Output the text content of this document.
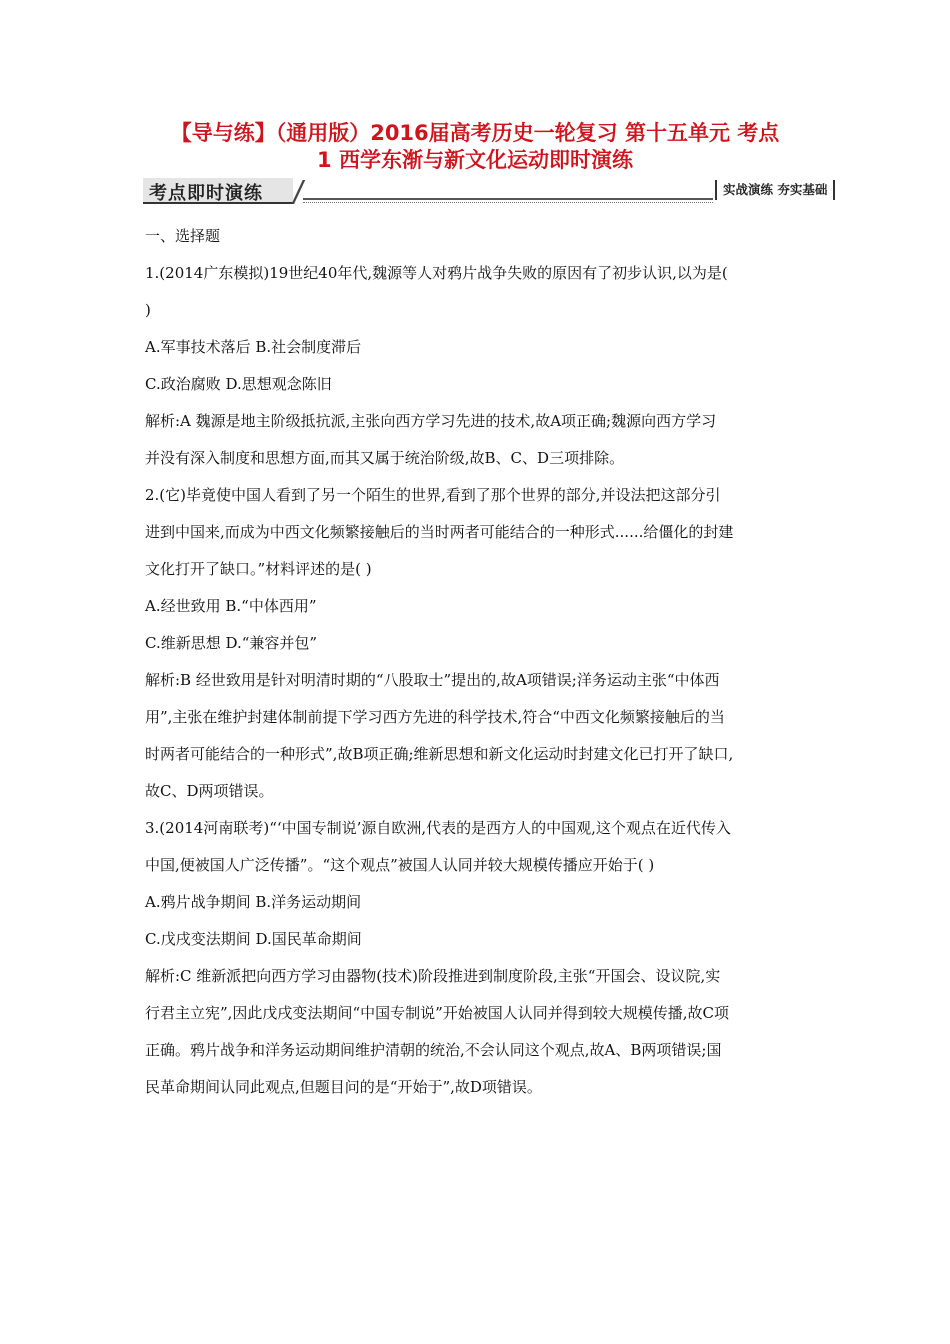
【导与练】（通用版）2016届高考历史一轮复习 第十五单元 考点
1 西学东渐与新文化运动即时演练
考点即时演练	实战演练 夯实基础
一、选择题
1.(2014广东模拟)19世纪40年代,魏源等人对鸦片战争失败的原因有了初步认识,以为是(
)
A.军事技术落后 B.社会制度滞后
C.政治腐败 D.思想观念陈旧
解析:A 魏源是地主阶级抵抗派,主张向西方学习先进的技术,故A项正确;魏源向西方学习
并没有深入制度和思想方面,而其又属于统治阶级,故B、C、D三项排除。
2.(它)毕竟使中国人看到了另一个陌生的世界,看到了那个世界的部分,并设法把这部分引
进到中国来,而成为中西文化频繁接触后的当时两者可能结合的一种形式......给僵化的封建
文化打开了缺口。”材料评述的是( )
A.经世致用 B.“中体西用”
C.维新思想 D.“兼容并包”
解析:B 经世致用是针对明清时期的“八股取士”提出的,故A项错误;洋务运动主张“中体西
用”,主张在维护封建体制前提下学习西方先进的科学技术,符合“中西文化频繁接触后的当
时两者可能结合的一种形式”,故B项正确;维新思想和新文化运动时封建文化已打开了缺口,
故C、D两项错误。
3.(2014河南联考)“‘中国专制说’源自欧洲,代表的是西方人的中国观,这个观点在近代传入
中国,便被国人广泛传播”。“这个观点”被国人认同并较大规模传播应开始于( )
A.鸦片战争期间 B.洋务运动期间
C.戊戌变法期间 D.国民革命期间
解析:C 维新派把向西方学习由器物(技术)阶段推进到制度阶段,主张“开国会、设议院,实
行君主立宪”,因此戊戌变法期间“中国专制说”开始被国人认同并得到较大规模传播,故C项
正确。鸦片战争和洋务运动期间维护清朝的统治,不会认同这个观点,故A、B两项错误;国
民革命期间认同此观点,但题目问的是“开始于”,故D项错误。
